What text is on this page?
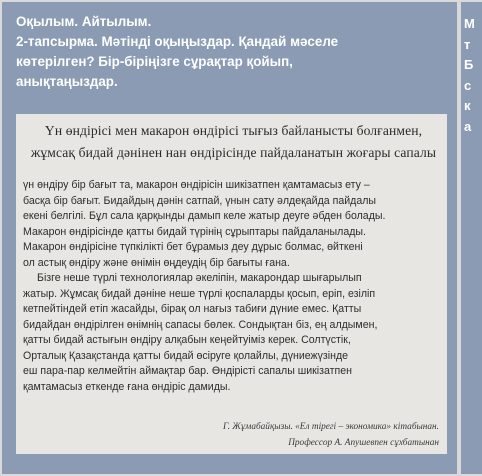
Оқылым. Айтылым.
2-тапсырма. Мәтінді оқыңыздар. Қандай мәселе
көтерілген? Бір-біріңізге сұрақтар қойып,
анықтаңыздар.
Үн өндірісі мен макарон өндірісі тығыз байланысты болғанмен,
жұмсақ бидай дәнінен нан өндірісінде пайдаланатын жоғары сапалы
үн өндіру бір бағыт та, макарон өндірісін шикізатпен қамтамасыз ету –
басқа бір бағыт. Бидайдың дәнін сатпай, үнын сату әлдеқайда пайдалы
екені белгілі. Бұл сала қарқынды дамып келе жатыр деуге әбден болады.
Макарон өндірісінде қатты бидай түрінің сұрыптары пайдаланылады.
Макарон өндірісіне түпкілікті бет бұрамыз деу дұрыс болмас, өйткені
ол астық өндіру және өнімін өңдеудің бір бағыты ғана.
Бізге неше түрлі технологиялар әкеліпін, макарондар шығарылып
жатыр. Жұмсақ бидай дәніне неше түрлі қоспаларды қосып, еріп, езіліп
кетпейтіндей етіп жасайды, бірақ ол нағыз табиғи дүние емес. Қатты
бидайдан өндірілген өнімнің сапасы бөлек. Сондықтан біз, ең алдымен,
қатты бидай астығын өндіру алқабын кеңейтуіміз керек. Солтүстік,
Орталық Қазақстанда қатты бидай өсіруге қолайлы, дүниежүзінде
еш пара-пар келмейтін аймақтар бар. Өндірісті сапалы шикізатпен
қамтамасыз еткенде ғана өндіріс дамиды.
Г. Жұмабайқызы. «Ел тірегі – экономика» кітабынан.
Профессор А. Апушевпен сұхбатынан
М
т
Б
с
к
а
